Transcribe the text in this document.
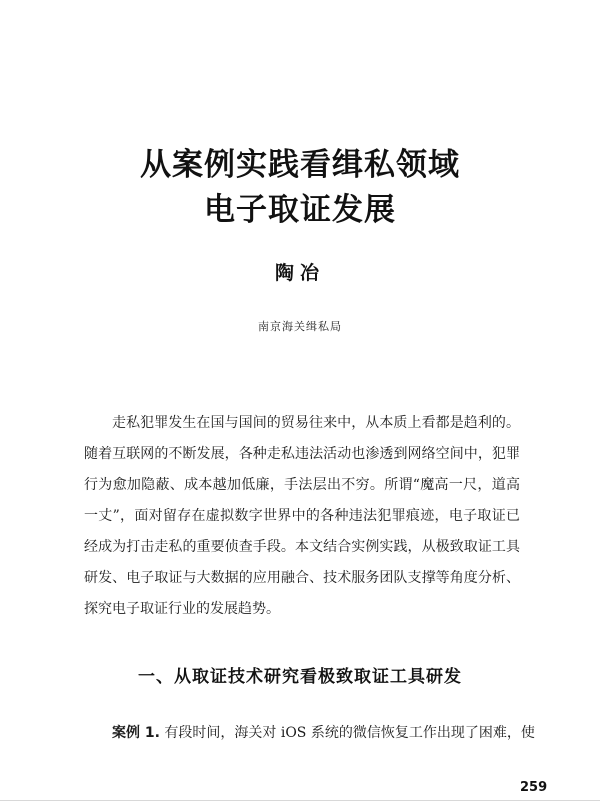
从案例实践看缉私领域
电子取证发展
陶冶
南京海关缉私局

走私犯罪发生在国与国间的贸易往来中，从本质上看都是趋利的。随着互联网的不断发展，各种走私违法活动也渗透到网络空间中，犯罪行为愈加隐蔽、成本越加低廉，手法层出不穷。所谓“魔高一尺，道高一丈”，面对留存在虚拟数字世界中的各种违法犯罪痕迹，电子取证已经成为打击走私的重要侦查手段。本文结合实例实践，从极致取证工具研发、电子取证与大数据的应用融合、技术服务团队支撑等角度分析、探究电子取证行业的发展趋势。

一、从取证技术研究看极致取证工具研发
案例 1. 有段时间，海关对 iOS 系统的微信恢复工作出现了困难，使
259
